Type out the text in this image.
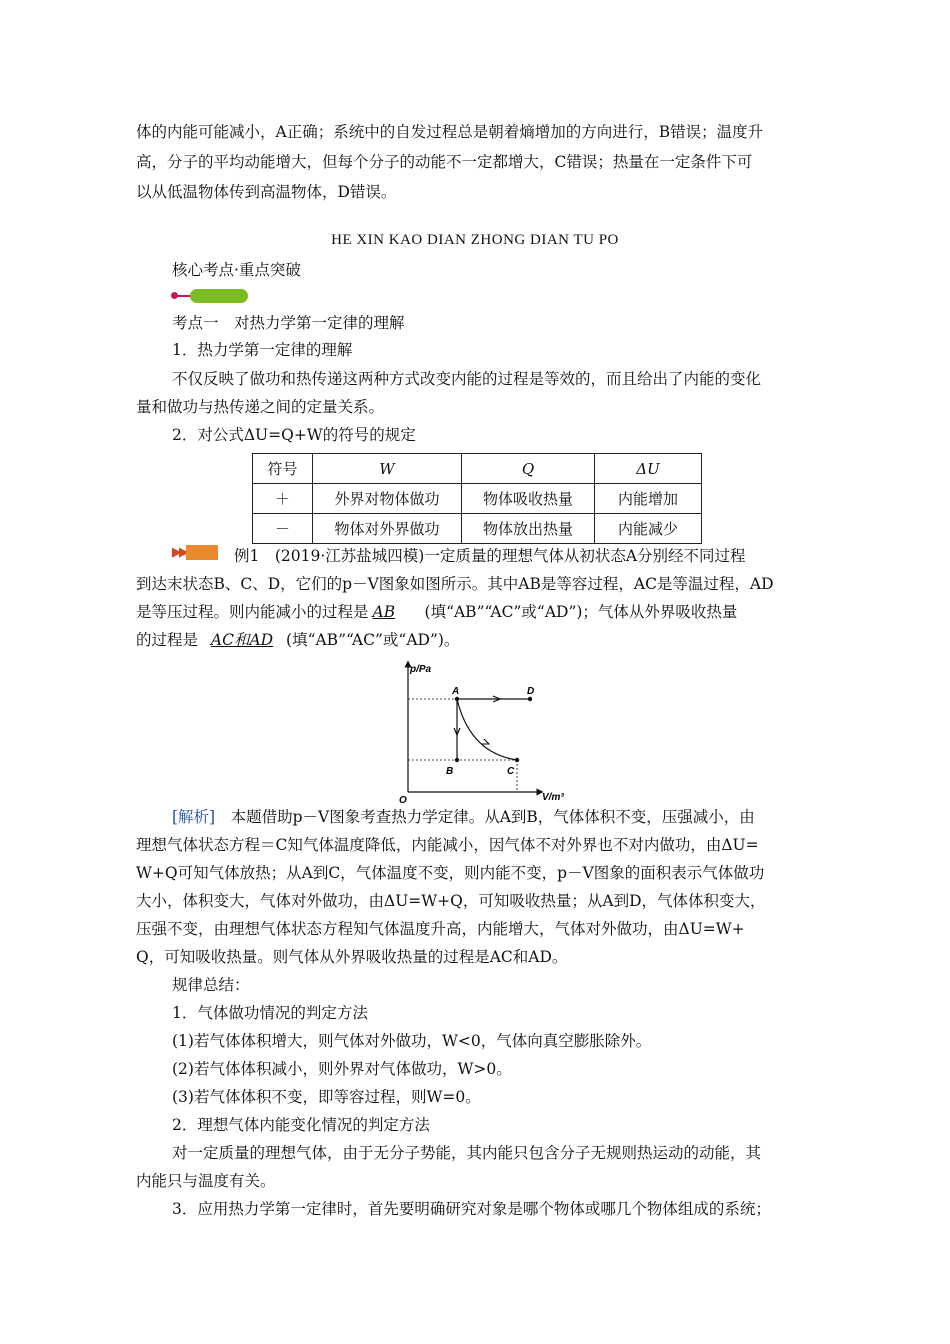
体的内能可能减小，A正确；系统中的自发过程总是朝着熵增加的方向进行，B错误；温度升
高，分子的平均动能增大，但每个分子的动能不一定都增大，C错误；热量在一定条件下可
以从低温物体传到高温物体，D错误。
HE XIN KAO DIAN ZHONG DIAN TU PO
核心考点·重点突破
考点一　对热力学第一定律的理解
1．热力学第一定律的理解
不仅反映了做功和热传递这两种方式改变内能的过程是等效的，而且给出了内能的变化
量和做功与热传递之间的定量关系。
2．对公式ΔU=Q+W的符号的规定
符号	W	Q	ΔU
＋	外界对物体做功	物体吸收热量	内能增加
－	物体对外界做功	物体放出热量	内能减少
▶▶	例1　(2019·江苏盐城四模)一定质量的理想气体从初状态A分别经不同过程
到达末状态B、C、D，它们的p－V图象如图所示。其中AB是等容过程，AC是等温过程，AD
是等压过程。则内能减小的过程是 AB (填“AB”“AC”或“AD”)；气体从外界吸收热量
的过程是 AC和AD (填“AB”“AC”或“AD”)。
p/Pa
V/m³
O
A
B	C
D
[解析]　本题借助p－V图象考查热力学定律。从A到B，气体体积不变，压强减小，由
理想气体状态方程＝C知气体温度降低，内能减小，因气体不对外界也不对内做功，由ΔU=
W+Q可知气体放热；从A到C，气体温度不变，则内能不变，p－V图象的面积表示气体做功
大小，体积变大，气体对外做功，由ΔU=W+Q，可知吸收热量；从A到D，气体体积变大，
压强不变，由理想气体状态方程知气体温度升高，内能增大，气体对外做功，由ΔU=W+
Q，可知吸收热量。则气体从外界吸收热量的过程是AC和AD。
规律总结：
1．气体做功情况的判定方法
(1)若气体体积增大，则气体对外做功，W<0，气体向真空膨胀除外。
(2)若气体体积减小，则外界对气体做功，W>0。
(3)若气体体积不变，即等容过程，则W=0。
2．理想气体内能变化情况的判定方法
对一定质量的理想气体，由于无分子势能，其内能只包含分子无规则热运动的动能，其
内能只与温度有关。
3．应用热力学第一定律时，首先要明确研究对象是哪个物体或哪几个物体组成的系统；
